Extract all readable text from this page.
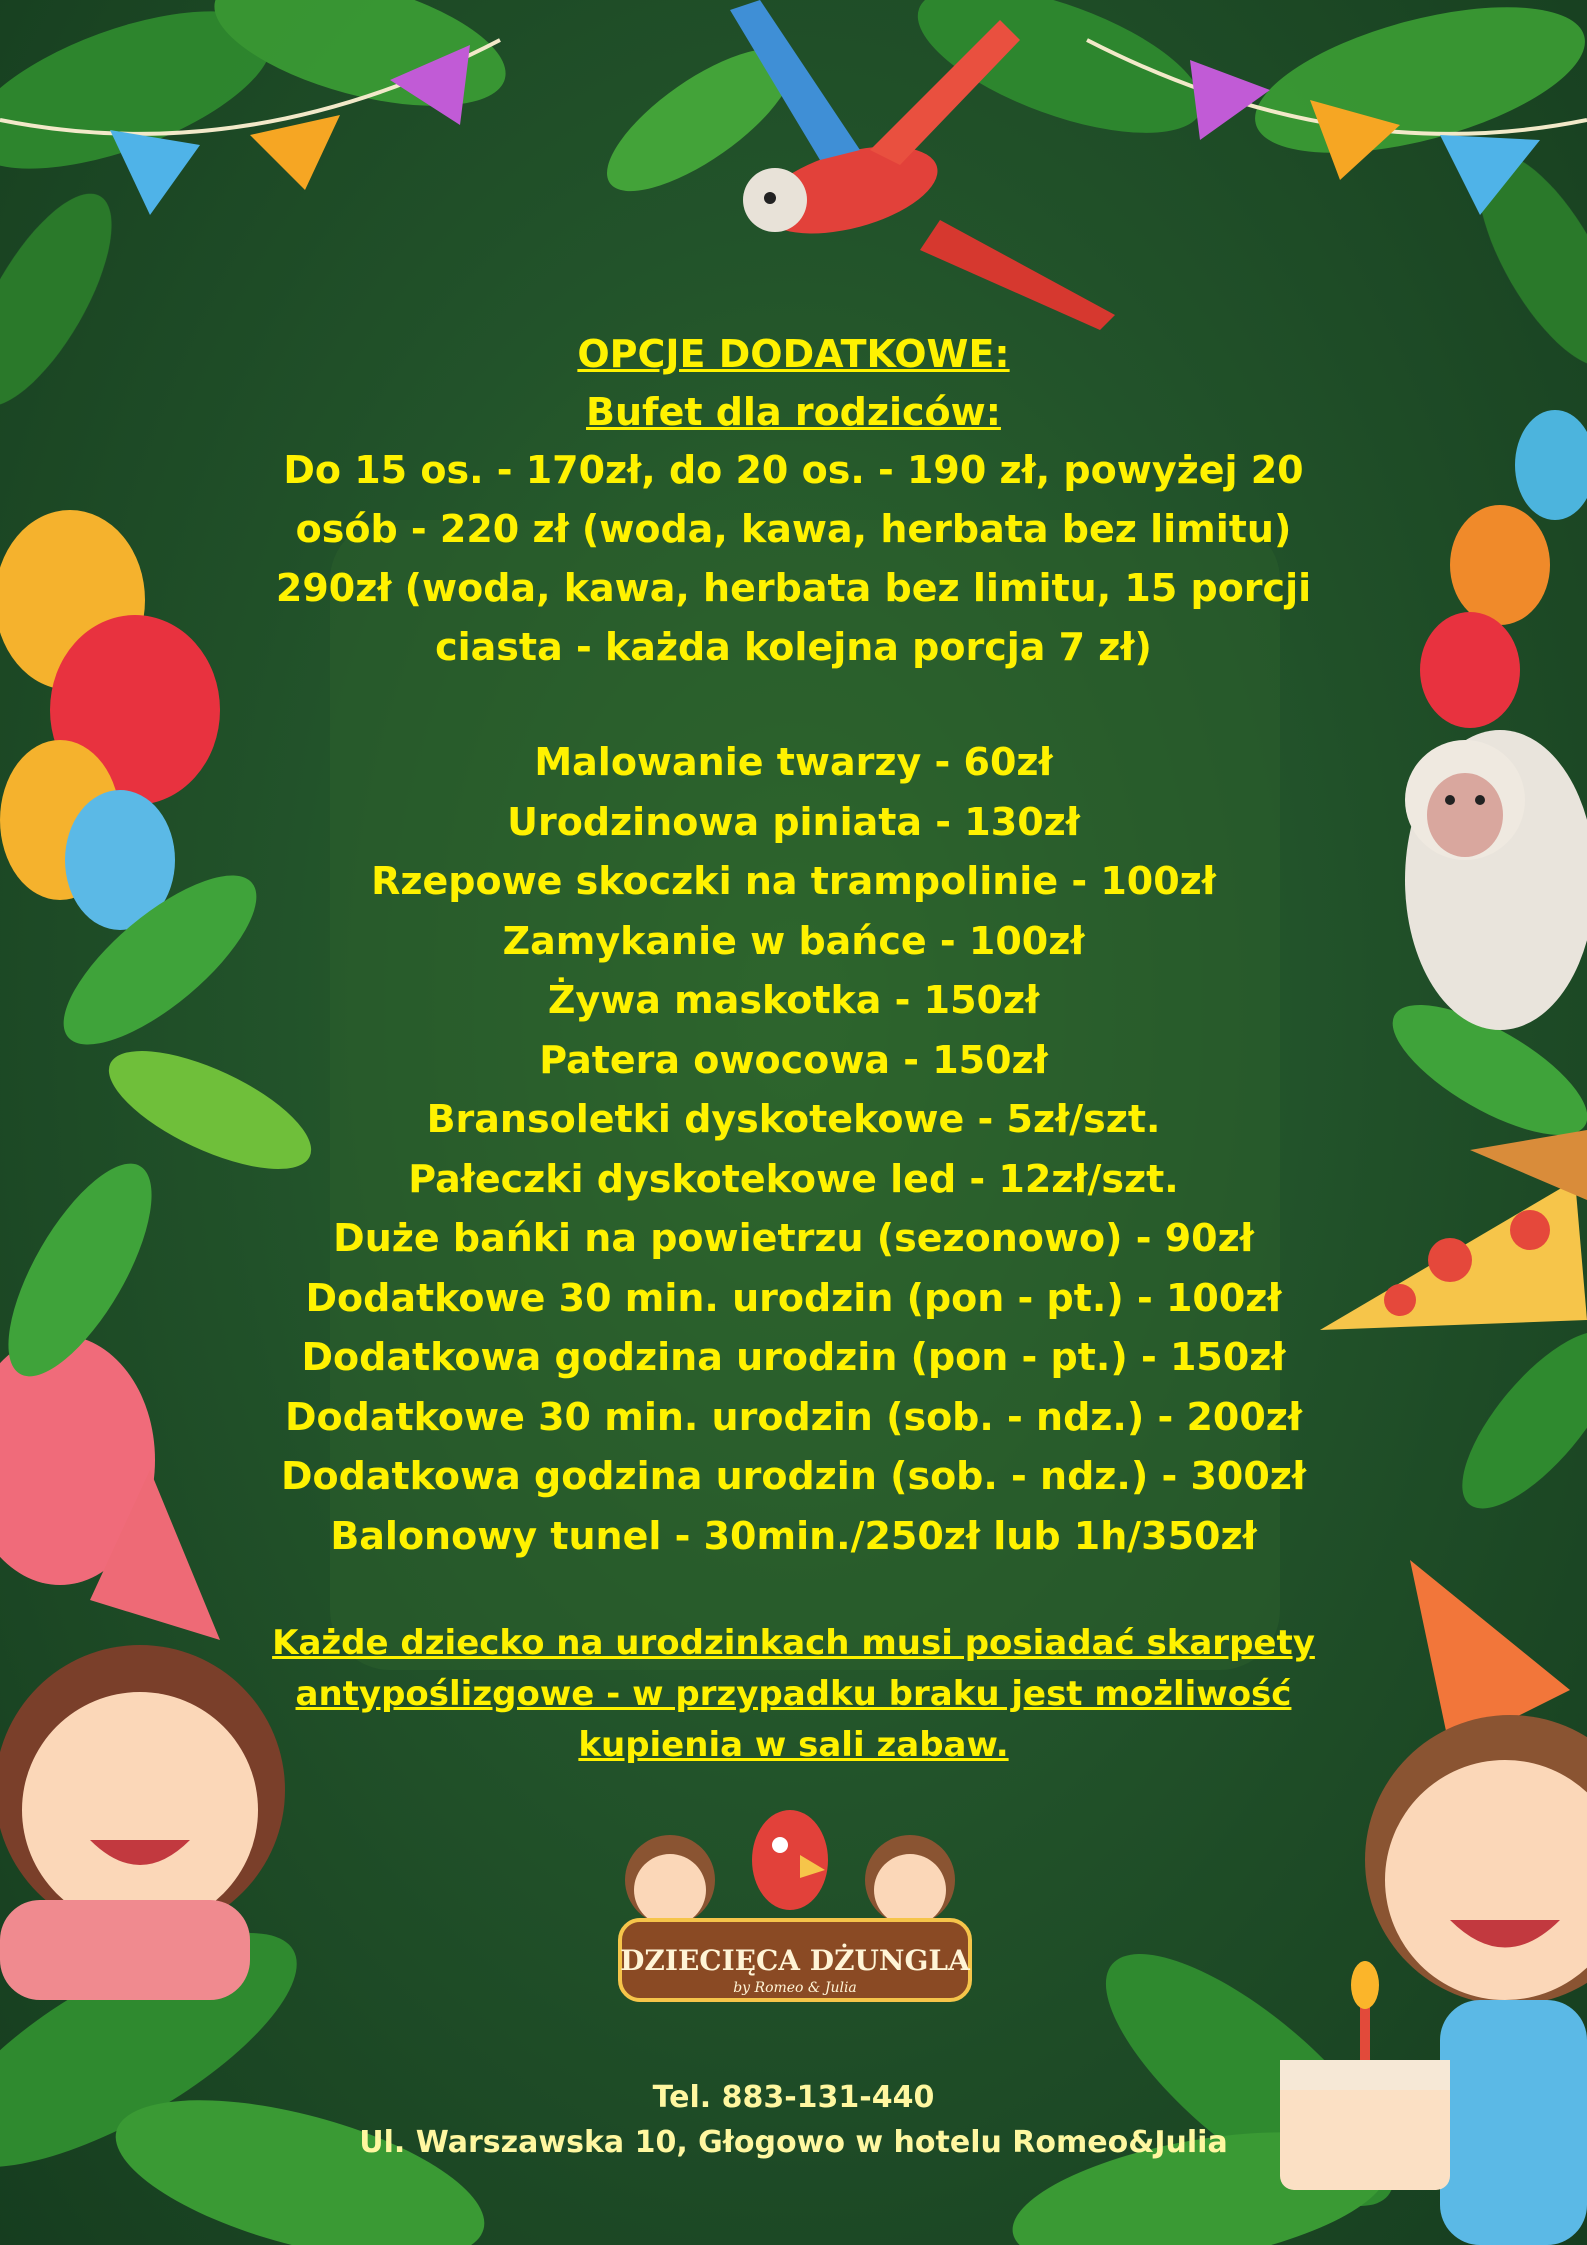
OPCJE DODATKOWE:
Bufet dla rodziców:

Do 15 os. - 170zł, do 20 os. - 190 zł, powyżej 20

osób - 220 zł (woda, kawa, herbata bez limitu)

290zł (woda, kawa, herbata bez limitu, 15 porcji

ciasta - każda kolejna porcja 7 zł)

Malowanie twarzy - 60zł
Urodzinowa piniata - 130zł
Rzepowe skoczki na trampolinie - 100zł
Zamykanie w bańce - 100zł
Żywa maskotka - 150zł
Patera owocowa - 150zł
Bransoletki dyskotekowe - 5zł/szt.
Pałeczki dyskotekowe led - 12zł/szt.
Duże bańki na powietrzu (sezonowo) - 90zł
Dodatkowe 30 min. urodzin (pon - pt.) - 100zł
Dodatkowa godzina urodzin (pon - pt.) - 150zł
Dodatkowe 30 min. urodzin (sob. - ndz.) - 200zł
Dodatkowa godzina urodzin (sob. - ndz.) - 300zł
Balonowy tunel - 30min./250zł lub 1h/350zł

Każde dziecko na urodzinkach musi posiadać skarpety

antypoślizgowe - w przypadku braku jest możliwość

kupienia w sali zabaw.

DZIECIĘCA DŻUNGLA
by Romeo & Julia
Tel. 883-131-440
Ul. Warszawska 10, Głogowo w hotelu Romeo&Julia
